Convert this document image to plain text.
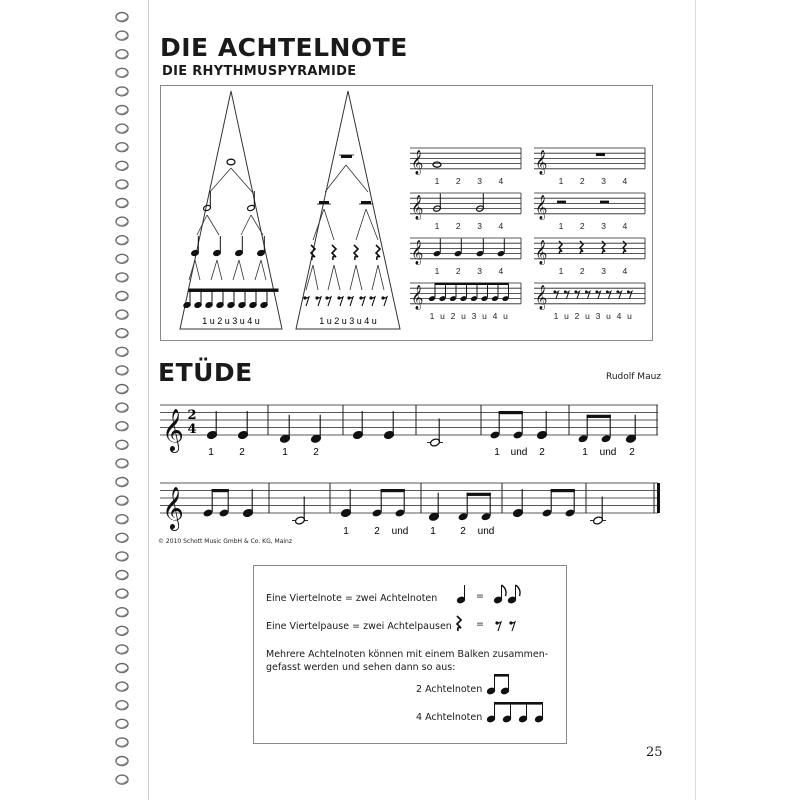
DIE ACHTELNOTE
DIE RHYTHMUSPYRAMIDE
1 u 2 u 3 u 4 u	1 u 2 u 3 u 4 u
𝄞
1 2 3 4
𝄞
1 2 3 4
𝄞
1 2 3 4
𝄞
1 2 3 4
𝄞
1 2 3 4
𝄞
1 2 3 4
𝄞
1 u 2 u 3 u 4 u
𝄞
1 u 2 u 3 u 4 u
ETÜDE	Rudolf Mauz
𝄞
𝄞
1	2	1	2	1 und 2	1 und 2
1	2 und 1 2 und
2
4
© 2010 Schott Music GmbH & Co. KG, Mainz
Eine Viertelnote = zwei Achtelnoten
Eine Viertelpause = zwei Achtelpausen
Mehrere Achtelnoten können mit einem Balken zusammen-
gefasst werden und sehen dann so aus:
2 Achtelnoten
4 Achtelnoten
=
=
25
